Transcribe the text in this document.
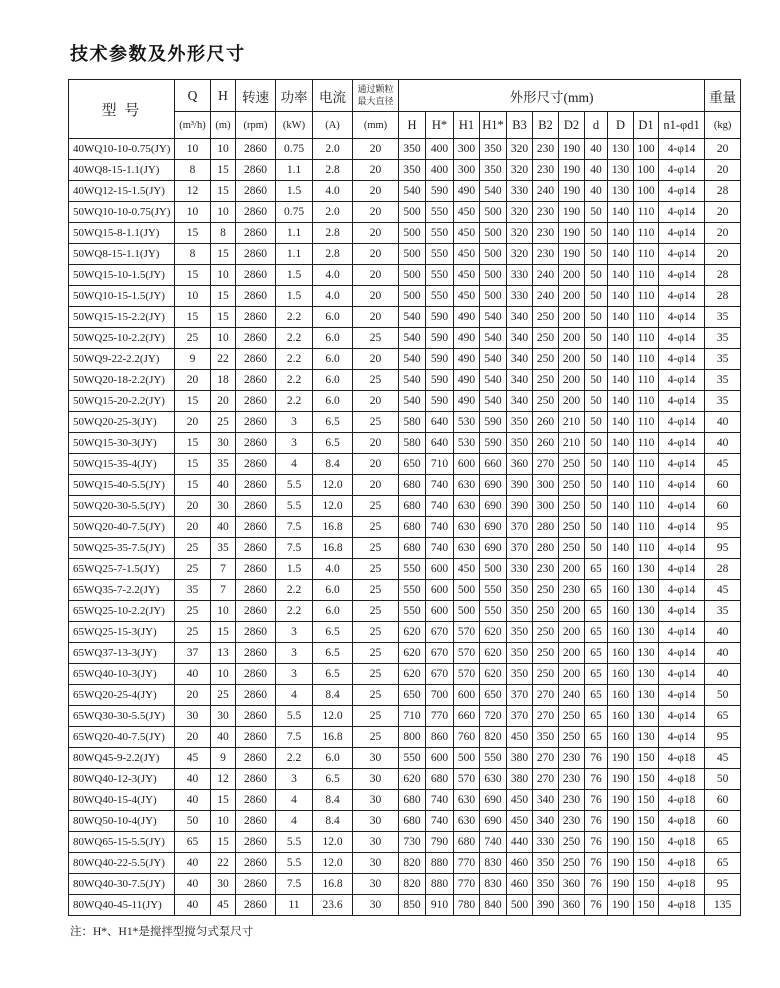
技术参数及外形尺寸
型 号	Q	H	转速	功率	电流	通过颗粒最大直径	外形尺寸(mm)											重量
	(m³/h)	(m)	(rpm)	(kW)	(A)	(mm)	H	H*	H1	H1*	B3	B2	D2	d	D	D1	n1-φd1	(kg)
40WQ10-10-0.75(JY)	10	10	2860	0.75	2.0	20	350	400	300	350	320	230	190	40	130	100	4-φ14	20
40WQ8-15-1.1(JY)	8	15	2860	1.1	2.8	20	350	400	300	350	320	230	190	40	130	100	4-φ14	20
40WQ12-15-1.5(JY)	12	15	2860	1.5	4.0	20	540	590	490	540	330	240	190	40	130	100	4-φ14	28
50WQ10-10-0.75(JY)	10	10	2860	0.75	2.0	20	500	550	450	500	320	230	190	50	140	110	4-φ14	20
50WQ15-8-1.1(JY)	15	8	2860	1.1	2.8	20	500	550	450	500	320	230	190	50	140	110	4-φ14	20
50WQ8-15-1.1(JY)	8	15	2860	1.1	2.8	20	500	550	450	500	320	230	190	50	140	110	4-φ14	20
50WQ15-10-1.5(JY)	15	10	2860	1.5	4.0	20	500	550	450	500	330	240	200	50	140	110	4-φ14	28
50WQ10-15-1.5(JY)	10	15	2860	1.5	4.0	20	500	550	450	500	330	240	200	50	140	110	4-φ14	28
50WQ15-15-2.2(JY)	15	15	2860	2.2	6.0	20	540	590	490	540	340	250	200	50	140	110	4-φ14	35
50WQ25-10-2.2(JY)	25	10	2860	2.2	6.0	25	540	590	490	540	340	250	200	50	140	110	4-φ14	35
50WQ9-22-2.2(JY)	9	22	2860	2.2	6.0	20	540	590	490	540	340	250	200	50	140	110	4-φ14	35
50WQ20-18-2.2(JY)	20	18	2860	2.2	6.0	25	540	590	490	540	340	250	200	50	140	110	4-φ14	35
50WQ15-20-2.2(JY)	15	20	2860	2.2	6.0	20	540	590	490	540	340	250	200	50	140	110	4-φ14	35
50WQ20-25-3(JY)	20	25	2860	3	6.5	25	580	640	530	590	350	260	210	50	140	110	4-φ14	40
50WQ15-30-3(JY)	15	30	2860	3	6.5	20	580	640	530	590	350	260	210	50	140	110	4-φ14	40
50WQ15-35-4(JY)	15	35	2860	4	8.4	20	650	710	600	660	360	270	250	50	140	110	4-φ14	45
50WQ15-40-5.5(JY)	15	40	2860	5.5	12.0	20	680	740	630	690	390	300	250	50	140	110	4-φ14	60
50WQ20-30-5.5(JY)	20	30	2860	5.5	12.0	25	680	740	630	690	390	300	250	50	140	110	4-φ14	60
50WQ20-40-7.5(JY)	20	40	2860	7.5	16.8	25	680	740	630	690	370	280	250	50	140	110	4-φ14	95
50WQ25-35-7.5(JY)	25	35	2860	7.5	16.8	25	680	740	630	690	370	280	250	50	140	110	4-φ14	95
65WQ25-7-1.5(JY)	25	7	2860	1.5	4.0	25	550	600	450	500	330	230	200	65	160	130	4-φ14	28
65WQ35-7-2.2(JY)	35	7	2860	2.2	6.0	25	550	600	500	550	350	250	230	65	160	130	4-φ14	45
65WQ25-10-2.2(JY)	25	10	2860	2.2	6.0	25	550	600	500	550	350	250	200	65	160	130	4-φ14	35
65WQ25-15-3(JY)	25	15	2860	3	6.5	25	620	670	570	620	350	250	200	65	160	130	4-φ14	40
65WQ37-13-3(JY)	37	13	2860	3	6.5	25	620	670	570	620	350	250	200	65	160	130	4-φ14	40
65WQ40-10-3(JY)	40	10	2860	3	6.5	25	620	670	570	620	350	250	200	65	160	130	4-φ14	40
65WQ20-25-4(JY)	20	25	2860	4	8.4	25	650	700	600	650	370	270	240	65	160	130	4-φ14	50
65WQ30-30-5.5(JY)	30	30	2860	5.5	12.0	25	710	770	660	720	370	270	250	65	160	130	4-φ14	65
65WQ20-40-7.5(JY)	20	40	2860	7.5	16.8	25	800	860	760	820	450	350	250	65	160	130	4-φ14	95
80WQ45-9-2.2(JY)	45	9	2860	2.2	6.0	30	550	600	500	550	380	270	230	76	190	150	4-φ18	45
80WQ40-12-3(JY)	40	12	2860	3	6.5	30	620	680	570	630	380	270	230	76	190	150	4-φ18	50
80WQ40-15-4(JY)	40	15	2860	4	8.4	30	680	740	630	690	450	340	230	76	190	150	4-φ18	60
80WQ50-10-4(JY)	50	10	2860	4	8.4	30	680	740	630	690	450	340	230	76	190	150	4-φ18	60
80WQ65-15-5.5(JY)	65	15	2860	5.5	12.0	30	730	790	680	740	440	330	250	76	190	150	4-φ18	65
80WQ40-22-5.5(JY)	40	22	2860	5.5	12.0	30	820	880	770	830	460	350	250	76	190	150	4-φ18	65
80WQ40-30-7.5(JY)	40	30	2860	7.5	16.8	30	820	880	770	830	460	350	360	76	190	150	4-φ18	95
80WQ40-45-11(JY)	40	45	2860	11	23.6	30	850	910	780	840	500	390	360	76	190	150	4-φ18	135

注：H*、H1*是搅拌型搅匀式泵尺寸
